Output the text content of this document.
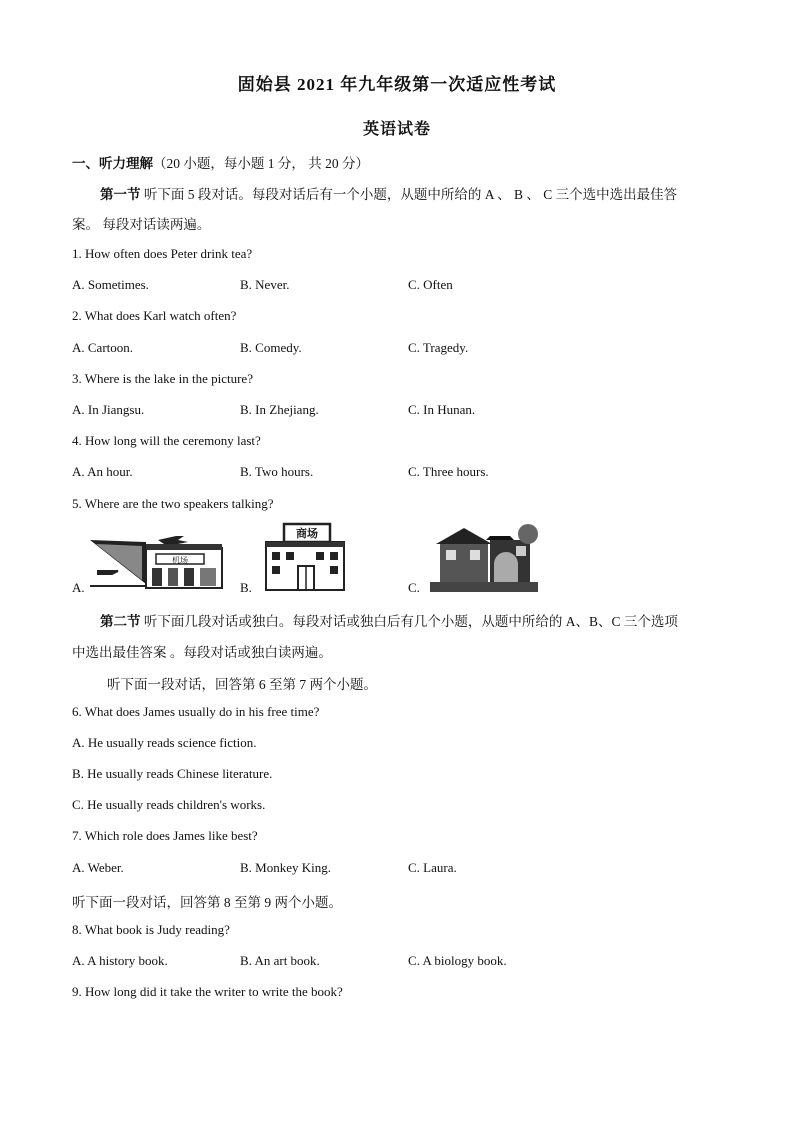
固始县 2021 年九年级第一次适应性考试
英语试卷
一、听力理解（20 小题，每小题 1 分， 共 20 分）
第一节 听下面 5 段对话。每段对话后有一个小题，从题中所给的 A 、 B 、 C 三个选中选出最佳答
案。 每段对话读两遍。
1. How often does Peter drink tea?
A. Sometimes.	B. Never.	C. Often
2. What does Karl watch often?
A. Cartoon.	B. Comedy.	C. Tragedy.
3. Where is the lake in the picture?
A. In Jiangsu.	B. In Zhejiang.	C. In Hunan.
4. How long will the ceremony last?
A. An hour.	B. Two hours.	C. Three hours.
5. Where are the two speakers talking?
A.	B.	C.
机场
商场
第二节 听下面几段对话或独白。每段对话或独白后有几个小题，从题中所给的 A、B、C 三个选项
中选出最佳答案 。每段对话或独白读两遍。
听下面一段对话，回答第 6 至第 7 两个小题。
6. What does James usually do in his free time?
A. He usually reads science fiction.
B. He usually reads Chinese literature.
C. He usually reads children's works.
7. Which role does James like best?
A. Weber.	B. Monkey King.	C. Laura.
听下面一段对话，回答第 8 至第 9 两个小题。
8. What book is Judy reading?
A. A history book.	B. An art book.	C. A biology book.
9. How long did it take the writer to write the book?
